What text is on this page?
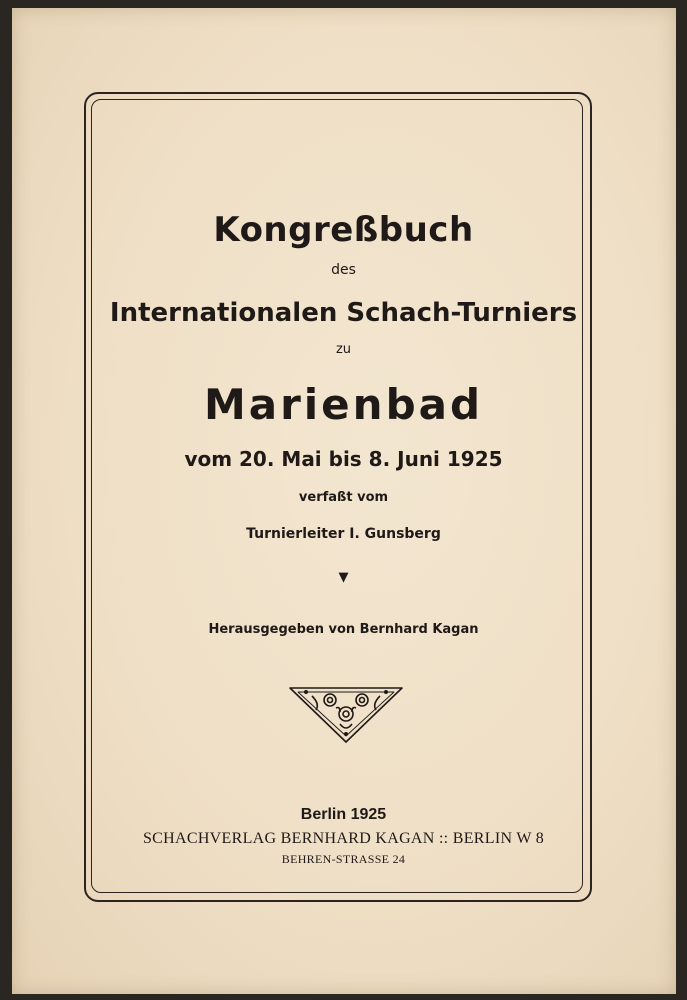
Kongreßbuch
des
Internationalen Schach-Turniers
zu
Marienbad
vom 20. Mai bis 8. Juni 1925
verfaßt vom
Turnierleiter I. Gunsberg
▼
Herausgegeben von Bernhard Kagan
Berlin 1925
SCHACHVERLAG BERNHARD KAGAN :: BERLIN W 8
BEHREN-STRASSE 24
